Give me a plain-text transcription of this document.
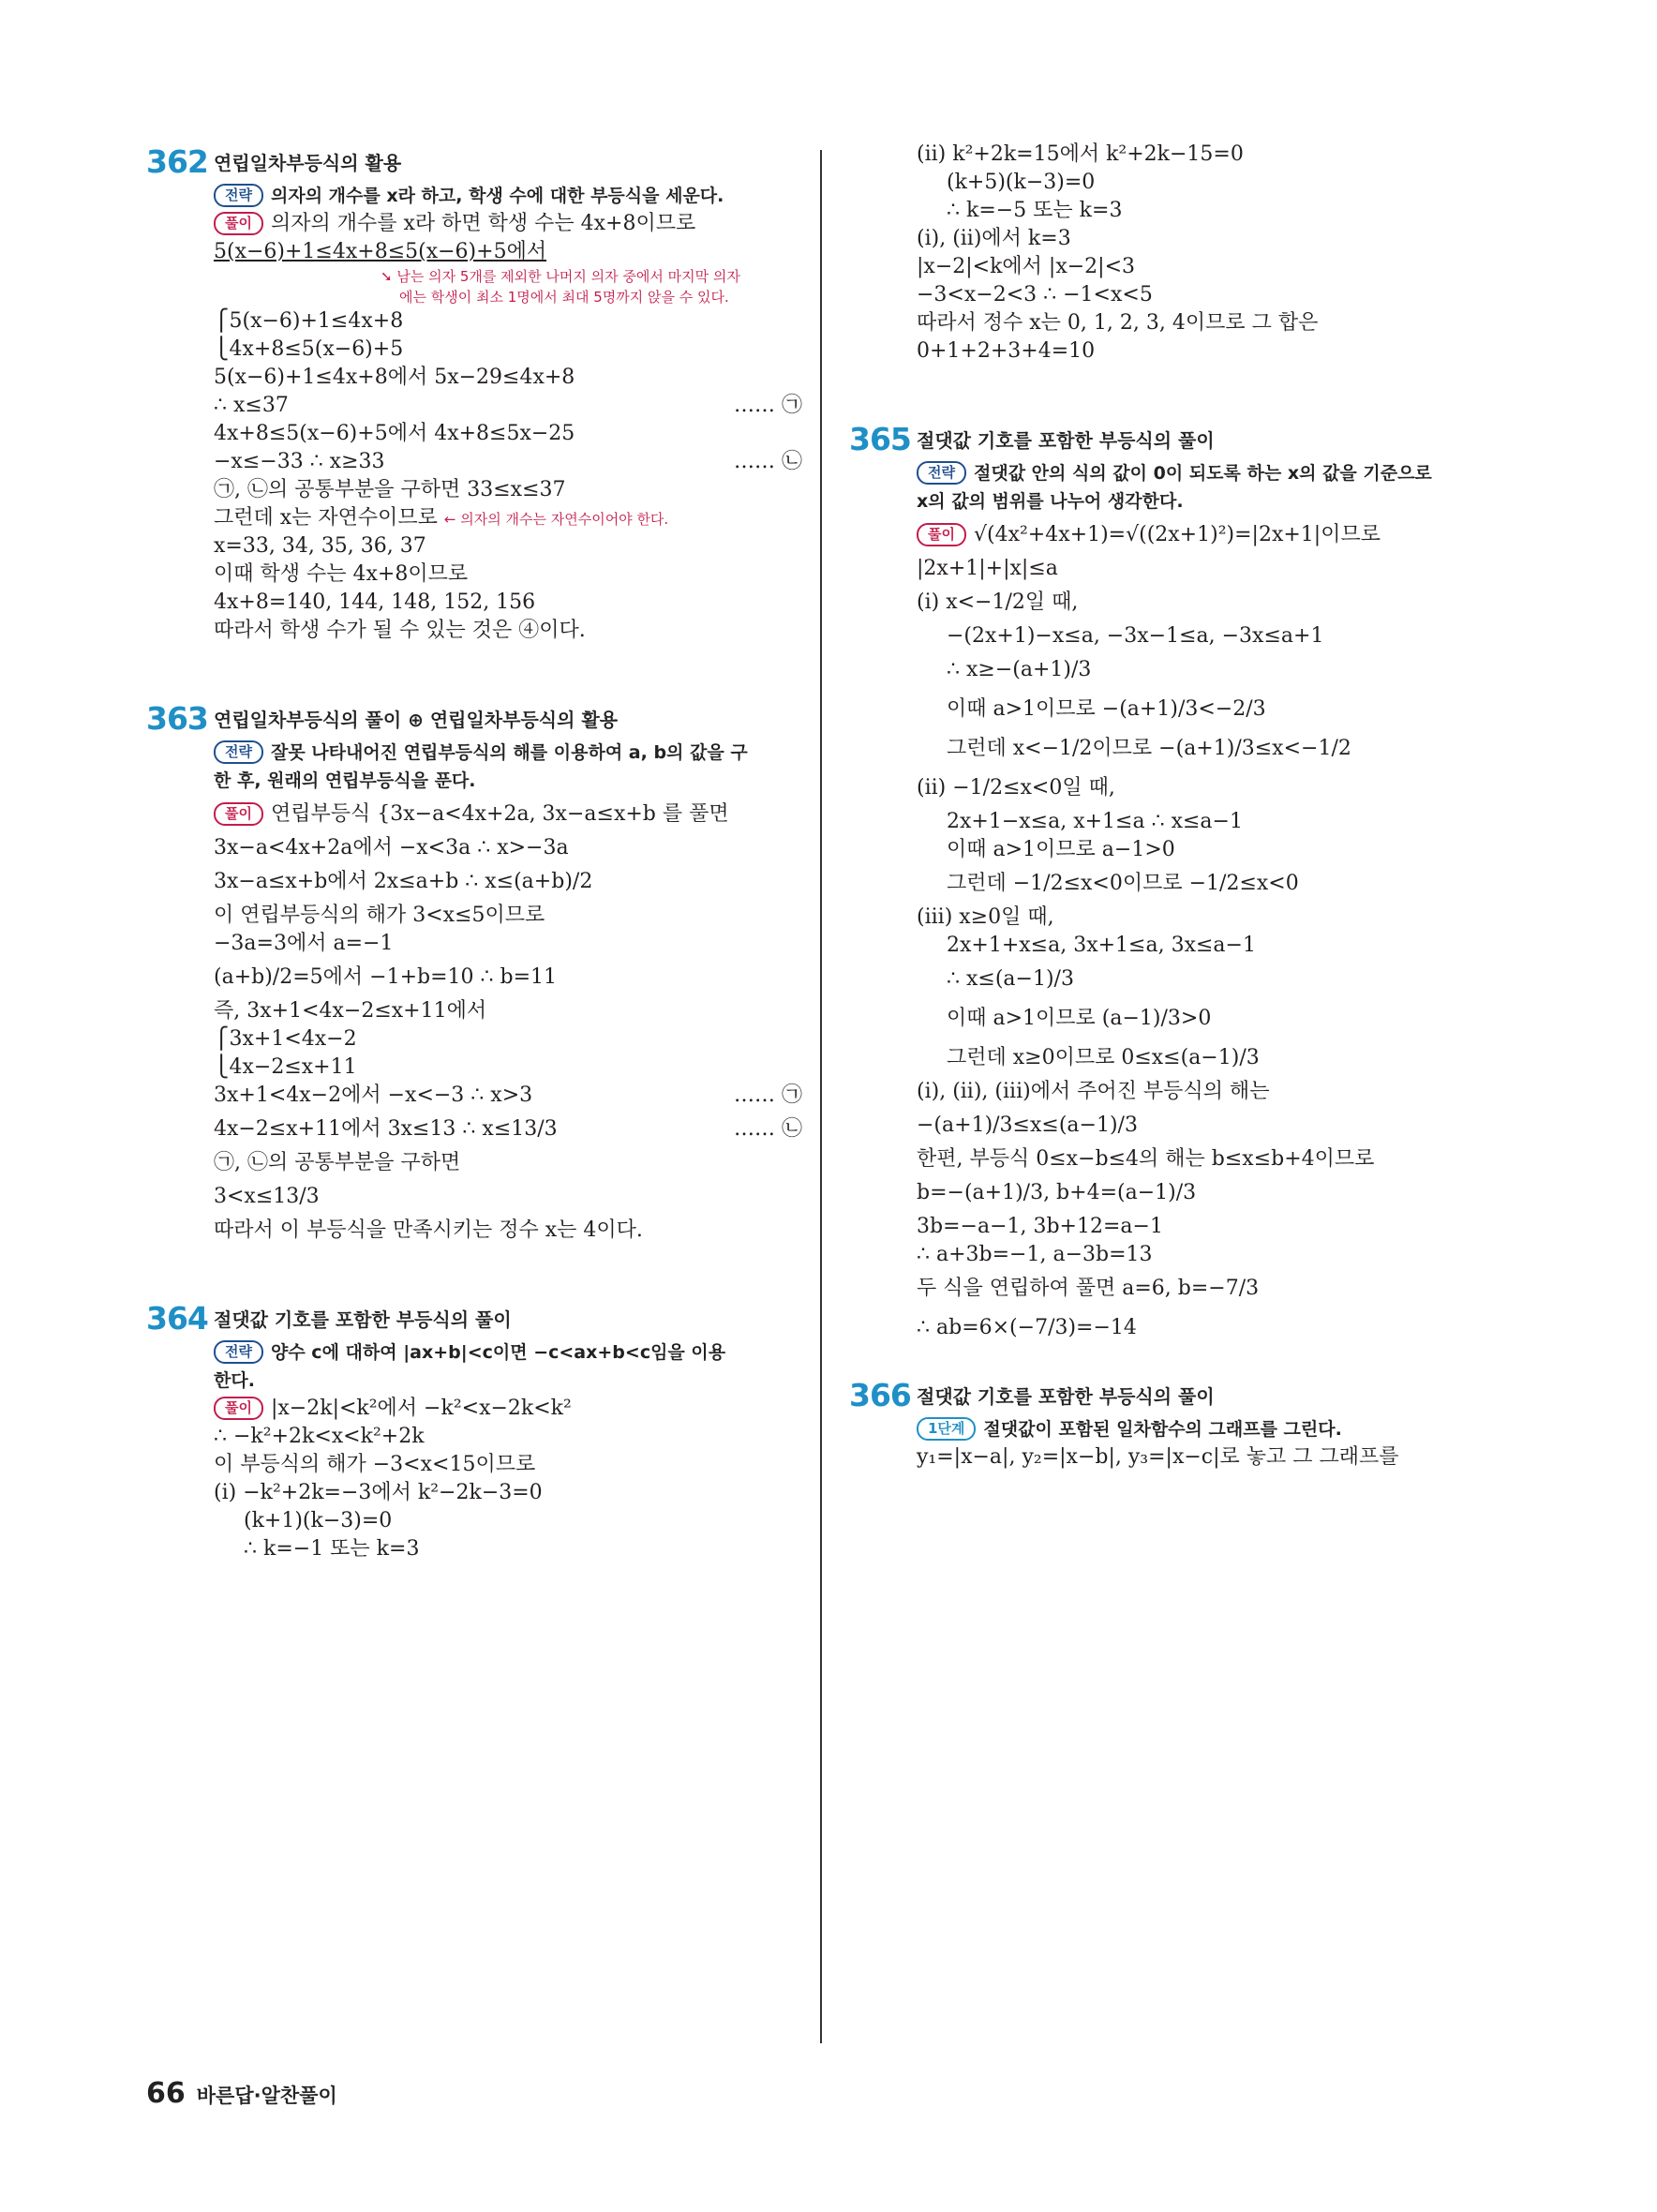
362 연립일차부등식의 활용
전략 의자의 개수를 x라 하고, 학생 수에 대한 부등식을 세운다.
풀이 의자의 개수를 x라 하면 학생 수는 4x+8이므로
5(x−6)+1≤4x+8≤5(x−6)+5에서
➘ 남는 의자 5개를 제외한 나머지 의자 중에서 마지막 의자
에는 학생이 최소 1명에서 최대 5명까지 앉을 수 있다.
⎧5(x−6)+1≤4x+8
⎩4x+8≤5(x−6)+5
5(x−6)+1≤4x+8에서 5x−29≤4x+8
∴ x≤37	…… ㉠
4x+8≤5(x−6)+5에서 4x+8≤5x−25
−x≤−33 ∴ x≥33	…… ㉡
㉠, ㉡의 공통부분을 구하면 33≤x≤37
그런데 x는 자연수이므로 ← 의자의 개수는 자연수이어야 한다.
x=33, 34, 35, 36, 37
이때 학생 수는 4x+8이므로
4x+8=140, 144, 148, 152, 156
따라서 학생 수가 될 수 있는 것은 ④이다.
363 연립일차부등식의 풀이 ⊕ 연립일차부등식의 활용
전략 잘못 나타내어진 연립부등식의 해를 이용하여 a, b의 값을 구
한 후, 원래의 연립부등식을 푼다.
풀이 연립부등식 {3x−a<4x+2a, 3x−a≤x+b 를 풀면
3x−a<4x+2a에서 −x<3a ∴ x>−3a
3x−a≤x+b에서 2x≤a+b ∴ x≤(a+b)/2
이 연립부등식의 해가 3<x≤5이므로
−3a=3에서 a=−1
(a+b)/2=5에서 −1+b=10 ∴ b=11
즉, 3x+1<4x−2≤x+11에서
⎧3x+1<4x−2
⎩4x−2≤x+11
3x+1<4x−2에서 −x<−3 ∴ x>3	…… ㉠
4x−2≤x+11에서 3x≤13 ∴ x≤13/3	…… ㉡
㉠, ㉡의 공통부분을 구하면
3<x≤13/3
따라서 이 부등식을 만족시키는 정수 x는 4이다.
364 절댓값 기호를 포함한 부등식의 풀이
전략 양수 c에 대하여 |ax+b|<c이면 −c<ax+b<c임을 이용
한다.
풀이 |x−2k|<k²에서 −k²<x−2k<k²
∴ −k²+2k<x<k²+2k
이 부등식의 해가 −3<x<15이므로
(i) −k²+2k=−3에서 k²−2k−3=0
(k+1)(k−3)=0
∴ k=−1 또는 k=3
(ii) k²+2k=15에서 k²+2k−15=0
(k+5)(k−3)=0
∴ k=−5 또는 k=3
(i), (ii)에서 k=3
|x−2|<k에서 |x−2|<3
−3<x−2<3 ∴ −1<x<5
따라서 정수 x는 0, 1, 2, 3, 4이므로 그 합은
0+1+2+3+4=10
365 절댓값 기호를 포함한 부등식의 풀이
전략 절댓값 안의 식의 값이 0이 되도록 하는 x의 값을 기준으로
x의 값의 범위를 나누어 생각한다.
풀이 √(4x²+4x+1)=√((2x+1)²)=|2x+1|이므로
|2x+1|+|x|≤a
(i) x<−1/2일 때,
−(2x+1)−x≤a, −3x−1≤a, −3x≤a+1
∴ x≥−(a+1)/3
이때 a>1이므로 −(a+1)/3<−2/3
그런데 x<−1/2이므로 −(a+1)/3≤x<−1/2
(ii) −1/2≤x<0일 때,
2x+1−x≤a, x+1≤a ∴ x≤a−1
이때 a>1이므로 a−1>0
그런데 −1/2≤x<0이므로 −1/2≤x<0
(iii) x≥0일 때,
2x+1+x≤a, 3x+1≤a, 3x≤a−1
∴ x≤(a−1)/3
이때 a>1이므로 (a−1)/3>0
그런데 x≥0이므로 0≤x≤(a−1)/3
(i), (ii), (iii)에서 주어진 부등식의 해는
−(a+1)/3≤x≤(a−1)/3
한편, 부등식 0≤x−b≤4의 해는 b≤x≤b+4이므로
b=−(a+1)/3, b+4=(a−1)/3
3b=−a−1, 3b+12=a−1
∴ a+3b=−1, a−3b=13
두 식을 연립하여 풀면 a=6, b=−7/3
∴ ab=6×(−7/3)=−14
366 절댓값 기호를 포함한 부등식의 풀이
1단계 절댓값이 포함된 일차함수의 그래프를 그린다.
y₁=|x−a|, y₂=|x−b|, y₃=|x−c|로 놓고 그 그래프를
66 바른답·알찬풀이
